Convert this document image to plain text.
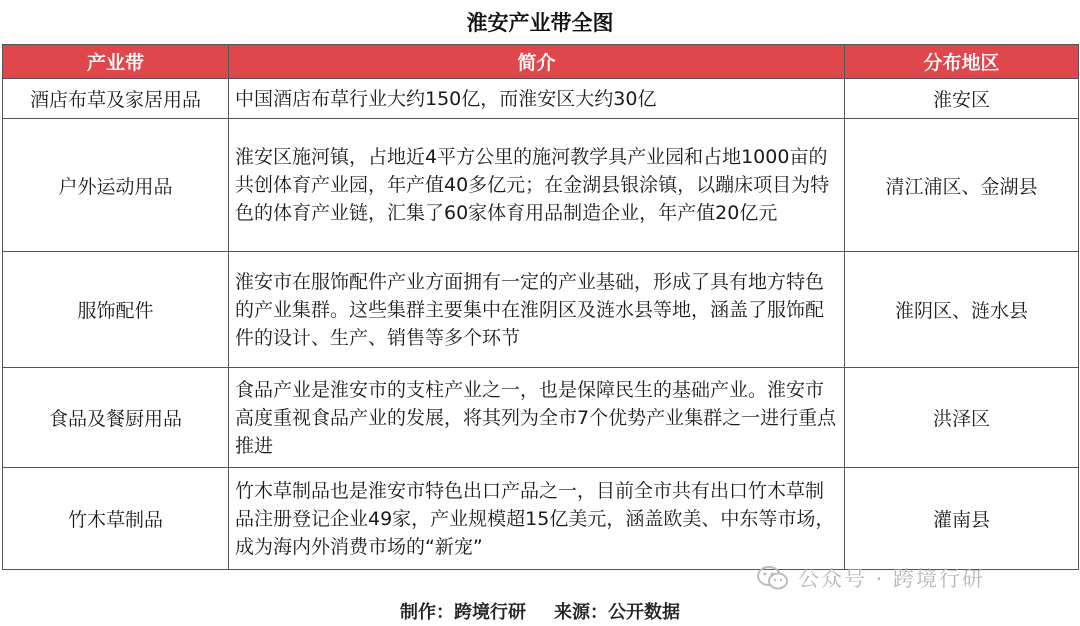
淮安产业带全图
产业带	简介	分布地区
酒店布草及家居用品	中国酒店布草行业大约150亿，而淮安区大约30亿	淮安区
户外运动用品	淮安区施河镇，占地近4平方公里的施河教学具产业园和占地1000亩的共创体育产业园，年产值40多亿元；在金湖县银涂镇，以蹦床项目为特色的体育产业链，汇集了60家体育用品制造企业，年产值20亿元	清江浦区、金湖县
服饰配件	淮安市在服饰配件产业方面拥有一定的产业基础，形成了具有地方特色的产业集群。这些集群主要集中在淮阴区及涟水县等地，涵盖了服饰配件的设计、生产、销售等多个环节	淮阴区、涟水县
食品及餐厨用品	食品产业是淮安市的支柱产业之一，也是保障民生的基础产业。淮安市高度重视食品产业的发展，将其列为全市7个优势产业集群之一进行重点推进	洪泽区
竹木草制品	竹木草制品也是淮安市特色出口产品之一，目前全市共有出口竹木草制品注册登记企业49家，产业规模超15亿美元，涵盖欧美、中东等市场，成为海内外消费市场的“新宠”	灌南县
公众号 · 跨境行研
制作：跨境行研 来源：公开数据
